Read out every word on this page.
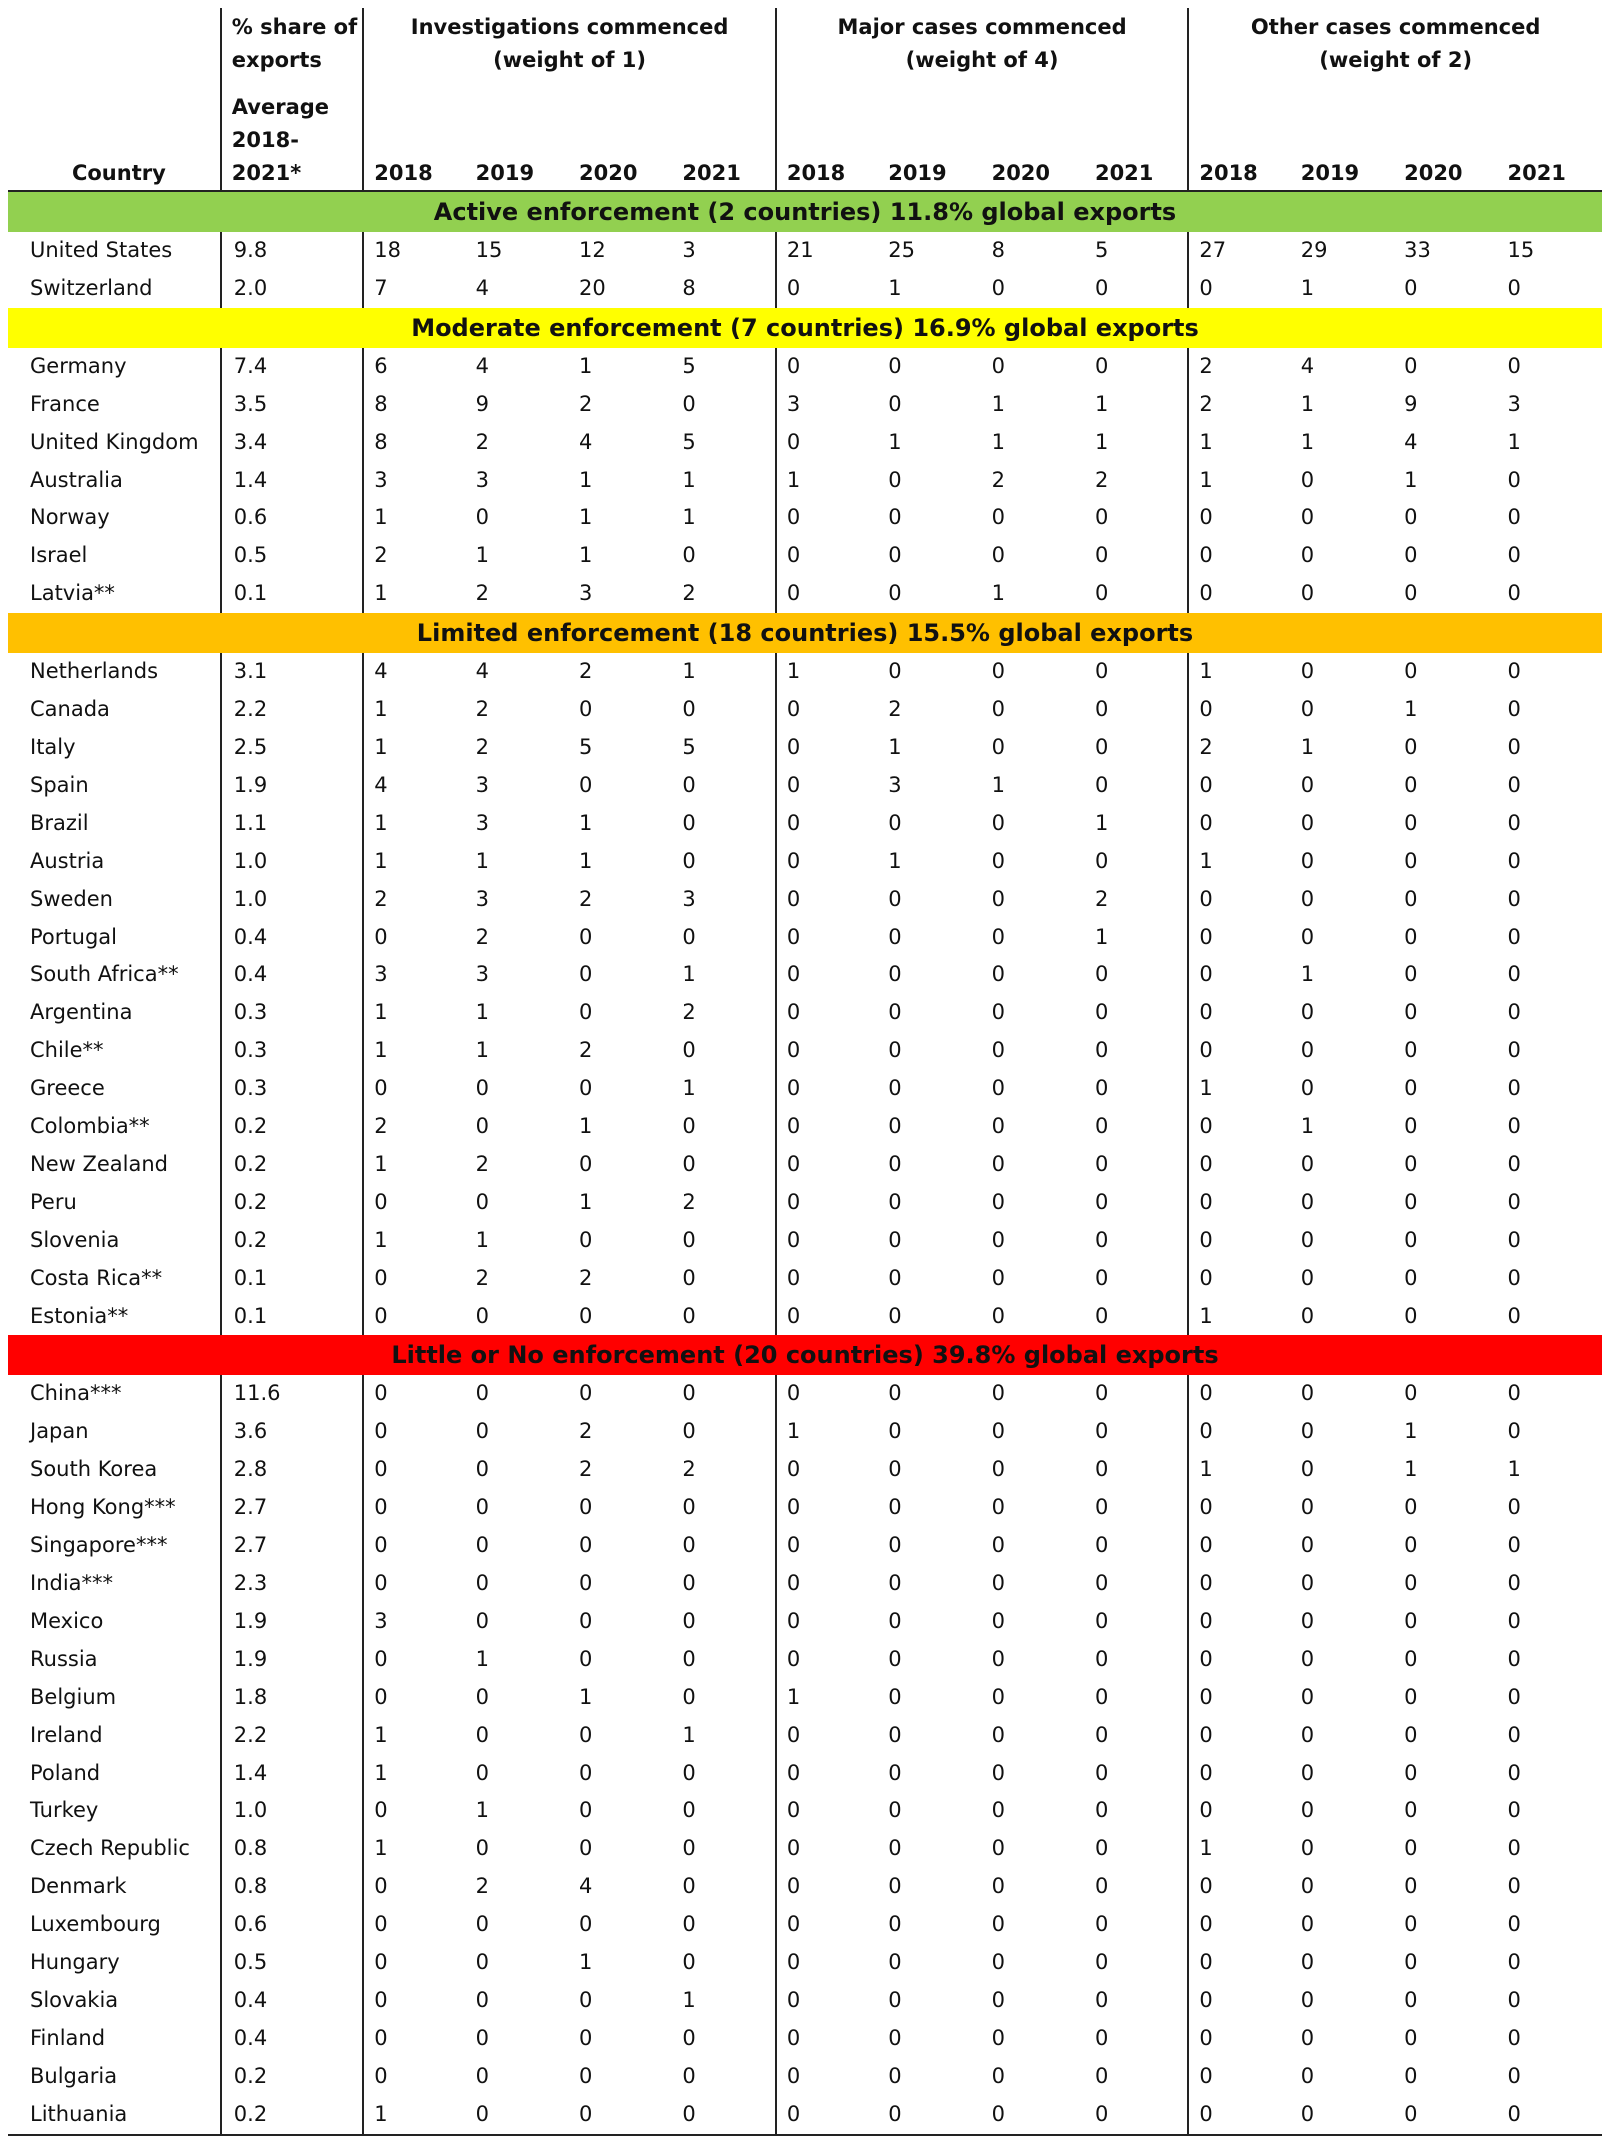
Country	% share of exports	Investigations commenced (weight of 1)				Major cases commenced (weight of 4)				Other cases commenced (weight of 2)			
	Average 2018-2021*												
		2018	2019	2020	2021	2018	2019	2020	2021	2018	2019	2020	2021
Active enforcement (2 countries) 11.8% global exports													
United States	9.8	18	15	12	3	21	25	8	5	27	29	33	15
Switzerland	2.0	7	4	20	8	0	1	0	0	0	1	0	0
Moderate enforcement (7 countries) 16.9% global exports													
Germany	7.4	6	4	1	5	0	0	0	0	2	4	0	0
France	3.5	8	9	2	0	3	0	1	1	2	1	9	3
United Kingdom	3.4	8	2	4	5	0	1	1	1	1	1	4	1
Australia	1.4	3	3	1	1	1	0	2	2	1	0	1	0
Norway	0.6	1	0	1	1	0	0	0	0	0	0	0	0
Israel	0.5	2	1	1	0	0	0	0	0	0	0	0	0
Latvia**	0.1	1	2	3	2	0	0	1	0	0	0	0	0
Limited enforcement (18 countries) 15.5% global exports													
Netherlands	3.1	4	4	2	1	1	0	0	0	1	0	0	0
Canada	2.2	1	2	0	0	0	2	0	0	0	0	1	0
Italy	2.5	1	2	5	5	0	1	0	0	2	1	0	0
Spain	1.9	4	3	0	0	0	3	1	0	0	0	0	0
Brazil	1.1	1	3	1	0	0	0	0	1	0	0	0	0
Austria	1.0	1	1	1	0	0	1	0	0	1	0	0	0
Sweden	1.0	2	3	2	3	0	0	0	2	0	0	0	0
Portugal	0.4	0	2	0	0	0	0	0	1	0	0	0	0
South Africa**	0.4	3	3	0	1	0	0	0	0	0	1	0	0
Argentina	0.3	1	1	0	2	0	0	0	0	0	0	0	0
Chile**	0.3	1	1	2	0	0	0	0	0	0	0	0	0
Greece	0.3	0	0	0	1	0	0	0	0	1	0	0	0
Colombia**	0.2	2	0	1	0	0	0	0	0	0	1	0	0
New Zealand	0.2	1	2	0	0	0	0	0	0	0	0	0	0
Peru	0.2	0	0	1	2	0	0	0	0	0	0	0	0
Slovenia	0.2	1	1	0	0	0	0	0	0	0	0	0	0
Costa Rica**	0.1	0	2	2	0	0	0	0	0	0	0	0	0
Estonia**	0.1	0	0	0	0	0	0	0	0	1	0	0	0
Little or No enforcement (20 countries) 39.8% global exports													
China***	11.6	0	0	0	0	0	0	0	0	0	0	0	0
Japan	3.6	0	0	2	0	1	0	0	0	0	0	1	0
South Korea	2.8	0	0	2	2	0	0	0	0	1	0	1	1
Hong Kong***	2.7	0	0	0	0	0	0	0	0	0	0	0	0
Singapore***	2.7	0	0	0	0	0	0	0	0	0	0	0	0
India***	2.3	0	0	0	0	0	0	0	0	0	0	0	0
Mexico	1.9	3	0	0	0	0	0	0	0	0	0	0	0
Russia	1.9	0	1	0	0	0	0	0	0	0	0	0	0
Belgium	1.8	0	0	1	0	1	0	0	0	0	0	0	0
Ireland	2.2	1	0	0	1	0	0	0	0	0	0	0	0
Poland	1.4	1	0	0	0	0	0	0	0	0	0	0	0
Turkey	1.0	0	1	0	0	0	0	0	0	0	0	0	0
Czech Republic	0.8	1	0	0	0	0	0	0	0	1	0	0	0
Denmark	0.8	0	2	4	0	0	0	0	0	0	0	0	0
Luxembourg	0.6	0	0	0	0	0	0	0	0	0	0	0	0
Hungary	0.5	0	0	1	0	0	0	0	0	0	0	0	0
Slovakia	0.4	0	0	0	1	0	0	0	0	0	0	0	0
Finland	0.4	0	0	0	0	0	0	0	0	0	0	0	0
Bulgaria	0.2	0	0	0	0	0	0	0	0	0	0	0	0
Lithuania	0.2	1	0	0	0	0	0	0	0	0	0	0	0
